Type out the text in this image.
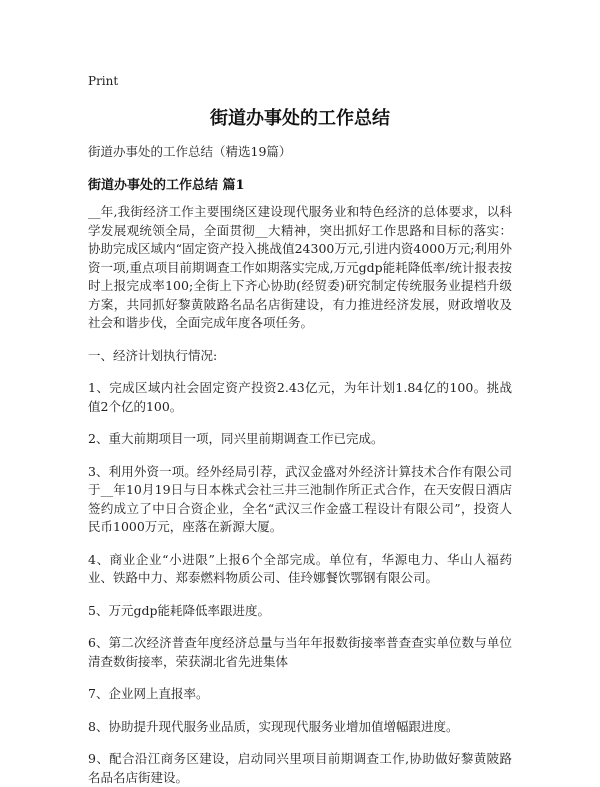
Print
街道办事处的工作总结

街道办事处的工作总结（精选19篇）

街道办事处的工作总结 篇1

__年,我街经济工作主要围绕区建设现代服务业和特色经济的总体要求，以科学发展观统领全局，全面贯彻__大精神，突出抓好工作思路和目标的落实：协助完成区域内“固定资产投入挑战值24300万元,引进内资4000万元;利用外资一项,重点项目前期调查工作如期落实完成,万元gdp能耗降低率/统计报表按时上报完成率100;全街上下齐心协助(经贸委)研究制定传统服务业提档升级方案，共同抓好黎黄陂路名品名店街建设，有力推进经济发展，财政增收及社会和谐步伐，全面完成年度各项任务。

一、经济计划执行情况:

1、完成区域内社会固定资产投资2.43亿元，为年计划1.84亿的100。挑战值2个亿的100。

2、重大前期项目一项，同兴里前期调查工作已完成。

3、利用外资一项。经外经局引荐，武汉金盛对外经济计算技术合作有限公司于__年10月19日与日本株式会社三井三池制作所正式合作，在天安假日酒店签约成立了中日合资企业，全名“武汉三作金盛工程设计有限公司”，投资人民币1000万元，座落在新源大厦。

4、商业企业“小进限”上报6个全部完成。单位有，华源电力、华山人福药业、铁路中力、郑泰燃料物质公司、佳玲娜餐饮鄂钢有限公司。

5、万元gdp能耗降低率跟进度。

6、第二次经济普查年度经济总量与当年年报数街接率普查查实单位数与单位清查数街接率，荣获湖北省先进集体

7、企业网上直报率。

8、协助提升现代服务业品质，实现现代服务业增加值增幅跟进度。

9、配合沿江商务区建设，启动同兴里项目前期调查工作,协助做好黎黄陂路名品名店街建设。
